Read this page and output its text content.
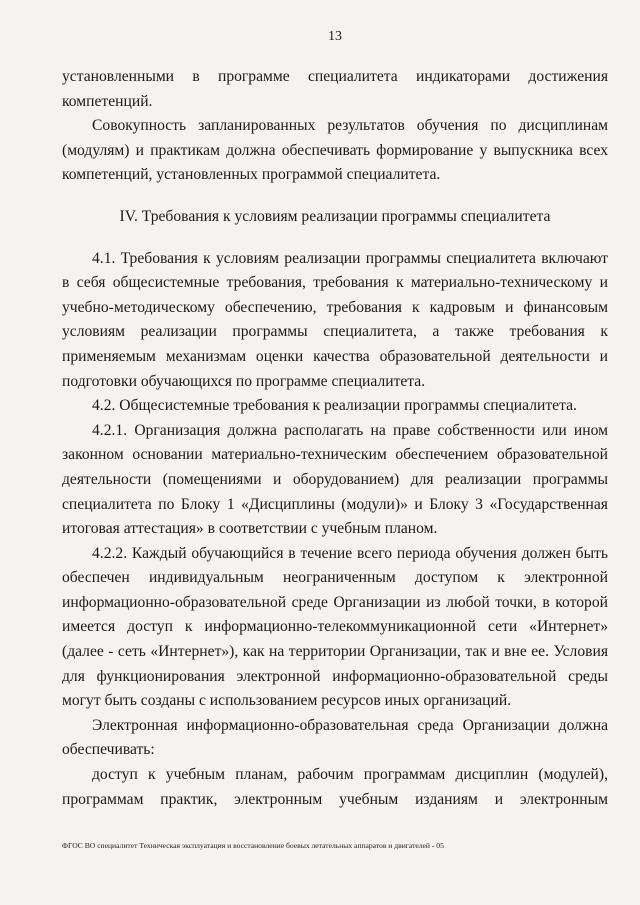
13

установленными в программе специалитета индикаторами достижения компетенций.

Совокупность запланированных результатов обучения по дисциплинам (модулям) и практикам должна обеспечивать формирование у выпускника всех компетенций, установленных программой специалитета.

IV. Требования к условиям реализации программы специалитета

4.1. Требования к условиям реализации программы специалитета включают в себя общесистемные требования, требования к материально-техническому и учебно-методическому обеспечению, требования к кадровым и финансовым условиям реализации программы специалитета, а также требования к применяемым механизмам оценки качества образовательной деятельности и подготовки обучающихся по программе специалитета.

4.2. Общесистемные требования к реализации программы специалитета.

4.2.1. Организация должна располагать на праве собственности или ином законном основании материально-техническим обеспечением образовательной деятельности (помещениями и оборудованием) для реализации программы специалитета по Блоку 1 «Дисциплины (модули)» и Блоку 3 «Государственная итоговая аттестация» в соответствии с учебным планом.

4.2.2. Каждый обучающийся в течение всего периода обучения должен быть обеспечен индивидуальным неограниченным доступом к электронной информационно-образовательной среде Организации из любой точки, в которой имеется доступ к информационно-телекоммуникационной сети «Интернет» (далее - сеть «Интернет»), как на территории Организации, так и вне ее. Условия для функционирования электронной информационно-образовательной среды могут быть созданы с использованием ресурсов иных организаций.

Электронная информационно-образовательная среда Организации должна обеспечивать:

доступ к учебным планам, рабочим программам дисциплин (модулей), программам практик, электронным учебным изданиям и электронным

ФГОС ВО специалитет Техническая эксплуатация и восстановление боевых летательных аппаратов и двигателей - 05
